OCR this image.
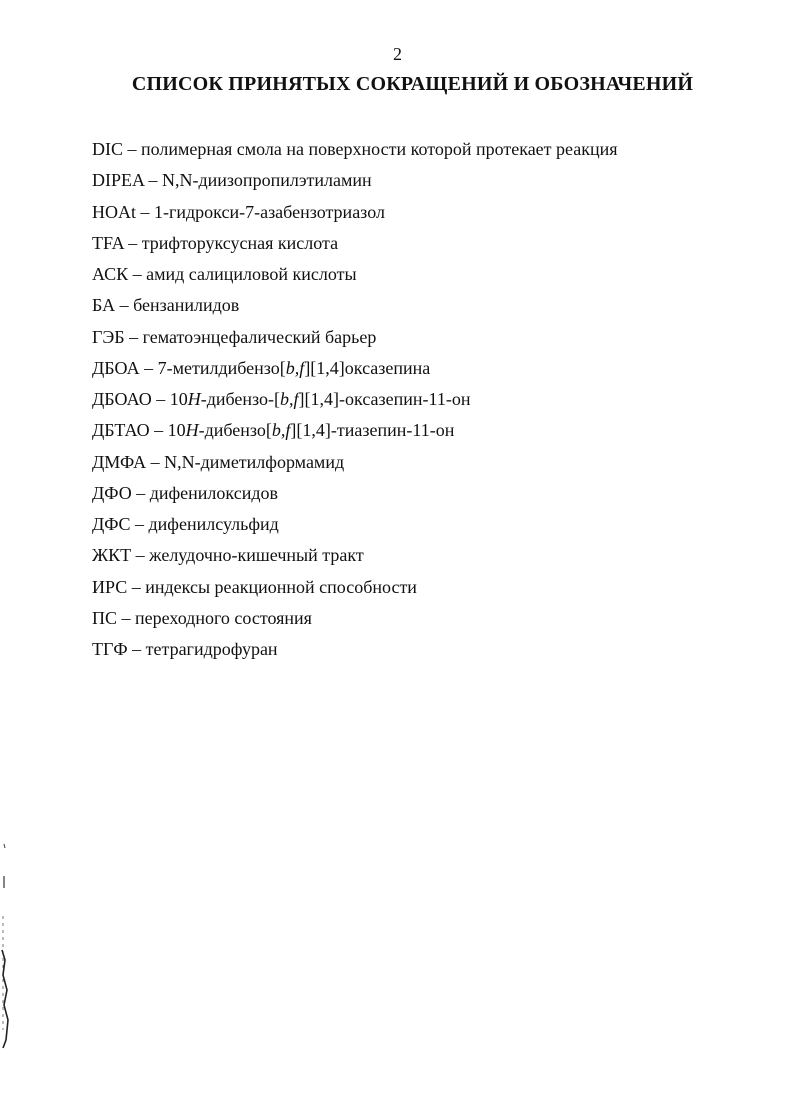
2
СПИСОК ПРИНЯТЫХ СОКРАЩЕНИЙ И ОБОЗНАЧЕНИЙ
DIC – полимерная смола на поверхности которой протекает реакция
DIPEA – N,N-диизопропилэтиламин
HOAt – 1-гидрокси-7-азабензотриазол
TFA – трифторуксусная кислота
АСК – амид салициловой кислоты
БА – бензанилидов
ГЭБ – гематоэнцефалический барьер
ДБОА – 7-метилдибензо[b,f][1,4]оксазепина
ДБОАО – 10H-дибензо-[b,f][1,4]-оксазепин-11-он
ДБТАО – 10H-дибензо[b,f][1,4]-тиазепин-11-он
ДМФА – N,N-диметилформамид
ДФО – дифенилоксидов
ДФС – дифенилсульфид
ЖКТ – желудочно-кишечный тракт
ИРС – индексы реакционной способности
ПС – переходного состояния
ТГФ – тетрагидрофуран
